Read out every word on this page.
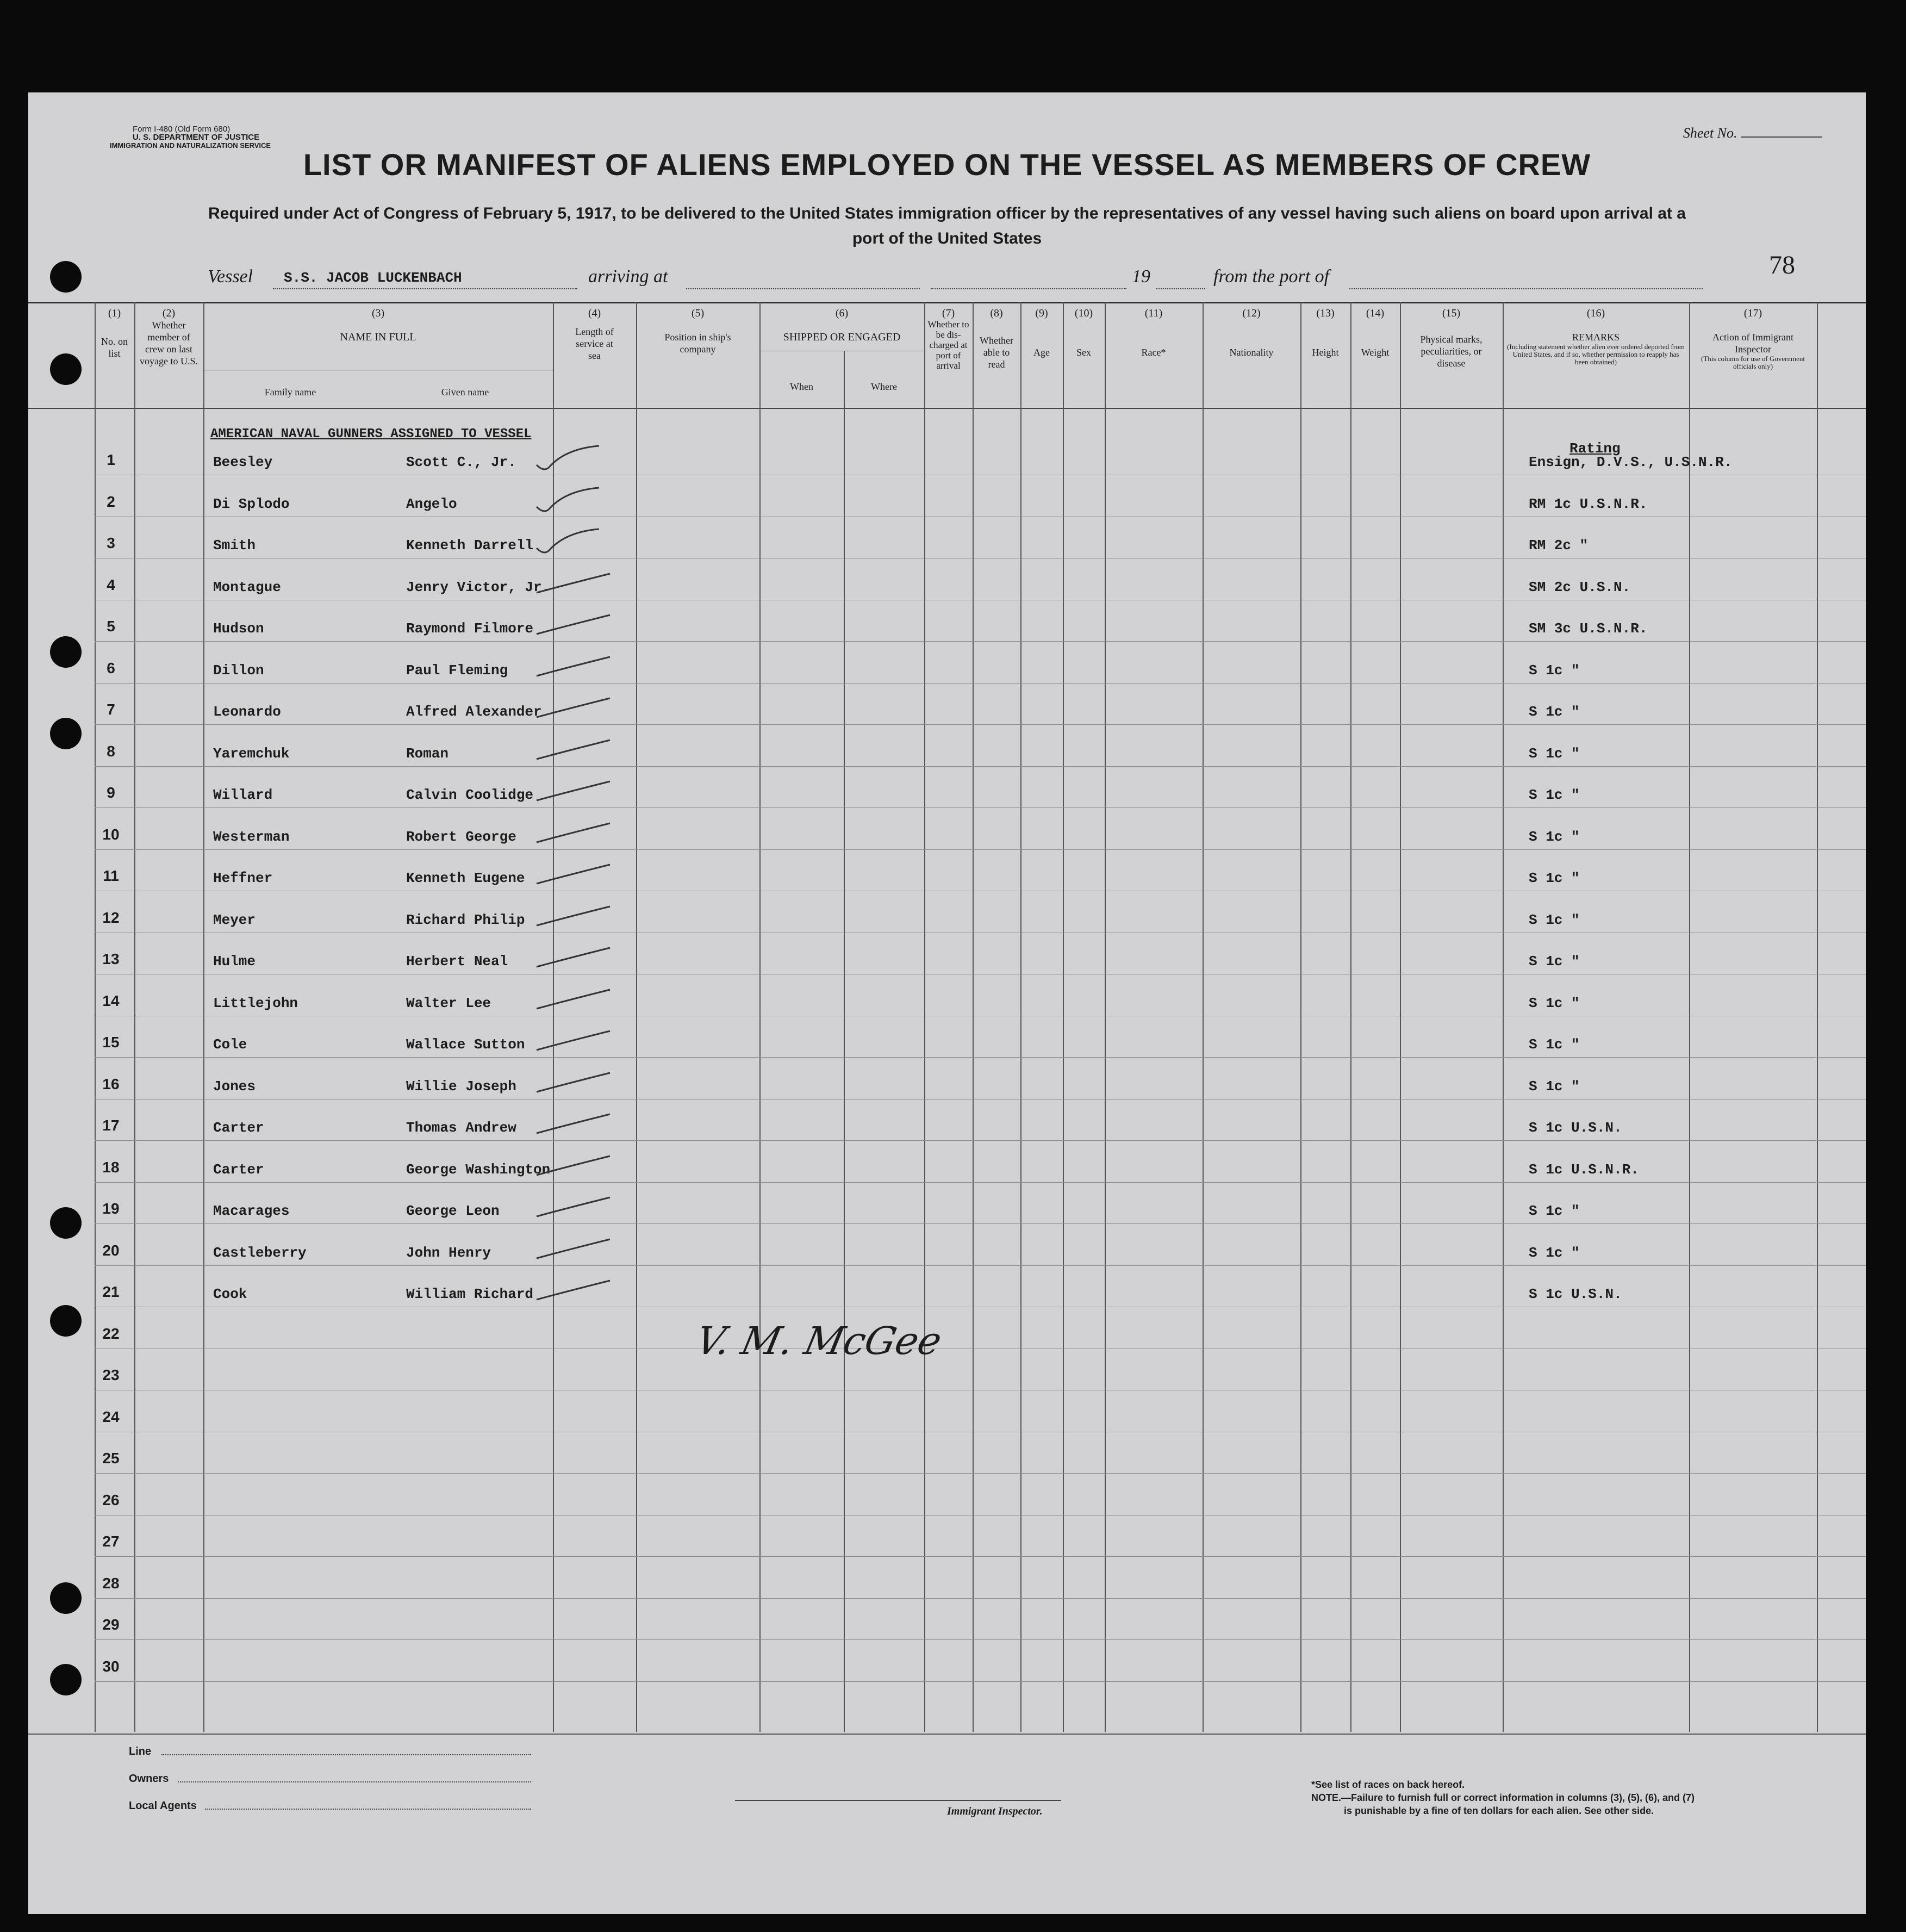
Form I-480 (Old Form 680)
U. S. DEPARTMENT OF JUSTICE
IMMIGRATION AND NATURALIZATION SERVICE
Sheet No.
LIST OR MANIFEST OF ALIENS EMPLOYED ON THE VESSEL AS MEMBERS OF CREW
Required under Act of Congress of February 5, 1917, to be delivered to the United States immigration officer by the representatives of any vessel having such aliens on board upon arrival at a
port of the United States
78
Vessel S.S. JACOB LUCKENBACH	arriving at	19	from the port of
(1)
No. on list
(2)
Whether member of crew on last voyage to U.S.
(3)
NAME IN FULL
Family name	Given name
(4)
Length of service at sea
(5)
Position in ship's company
(6)
SHIPPED OR ENGAGED
When	Where
(7)
Whether to be dis-charged at port of arrival
(8)
Whether able to read
(9)
Age
(10)
Sex
(11)
Race*
(12)
Nationality
(13)
Height
(14)
Weight
(15)
Physical marks, peculiarities, or disease
(16)
REMARKS
(Including statement whether alien ever ordered deported from United States, and if so, whether permission to reapply has been obtained)
(17)
Action of Immigrant Inspector
(This column for use of Government officials only)
AMERICAN NAVAL GUNNERS ASSIGNED TO VESSEL
Rating
1	Beesley	Scott C., Jr.	Ensign, D.V.S., U.S.N.R.
2	Di Splodo	Angelo	RM 1c U.S.N.R.
3	Smith	Kenneth Darrell	RM 2c "
4	Montague	Jenry Victor, Jr.	SM 2c U.S.N.
5	Hudson	Raymond Filmore	SM 3c U.S.N.R.
6	Dillon	Paul Fleming	S 1c "
7	Leonardo	Alfred Alexander	S 1c "
8	Yaremchuk	Roman	S 1c "
9	Willard	Calvin Coolidge	S 1c "
10	Westerman	Robert George	S 1c "
11	Heffner	Kenneth Eugene	S 1c "
12	Meyer	Richard Philip	S 1c "
13	Hulme	Herbert Neal	S 1c "
14	Littlejohn	Walter Lee	S 1c "
15	Cole	Wallace Sutton	S 1c "
16	Jones	Willie Joseph	S 1c "
17	Carter	Thomas Andrew	S 1c U.S.N.
18	Carter	George Washington	S 1c U.S.N.R.
19	Macarages	George Leon	S 1c "
20	Castleberry	John Henry	S 1c "
21	Cook	William Richard	S 1c U.S.N.
22
23
24
25
26
27
28
29
30
V. M. McGee
Line
Owners
Local Agents	Immigrant Inspector.
*See list of races on back hereof.
NOTE.—Failure to furnish full or correct information in columns (3), (5), (6), and (7)
is punishable by a fine of ten dollars for each alien. See other side.
